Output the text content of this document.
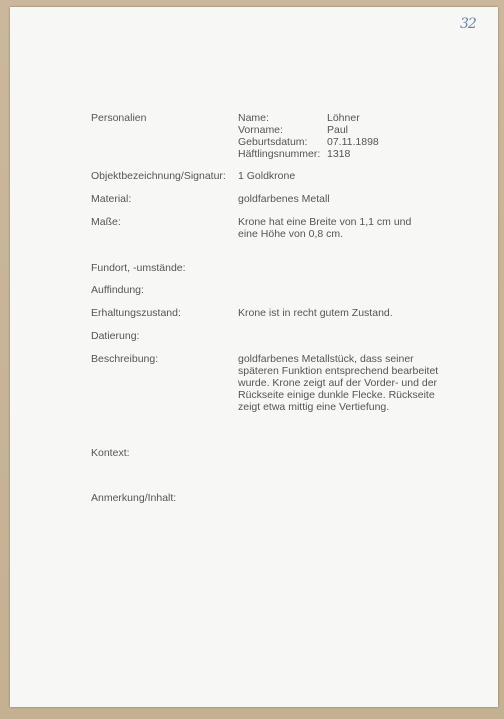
32
Personalien	Name:	Löhner
Vorname:	Paul
Geburtsdatum: 07.11.1898
Häftlingsnummer: 1318
Objektbezeichnung/Signatur: 1 Goldkrone
Material:	goldfarbenes Metall
Maße:	Krone hat eine Breite von 1,1 cm und
eine Höhe von 0,8 cm.
Fundort, -umstände:
Auffindung:
Erhaltungszustand:	Krone ist in recht gutem Zustand.
Datierung:
Beschreibung:	goldfarbenes Metallstück, dass seiner
späteren Funktion entsprechend bearbeitet
wurde. Krone zeigt auf der Vorder- und der
Rückseite einige dunkle Flecke. Rückseite
zeigt etwa mittig eine Vertiefung.
Kontext:
Anmerkung/Inhalt:
